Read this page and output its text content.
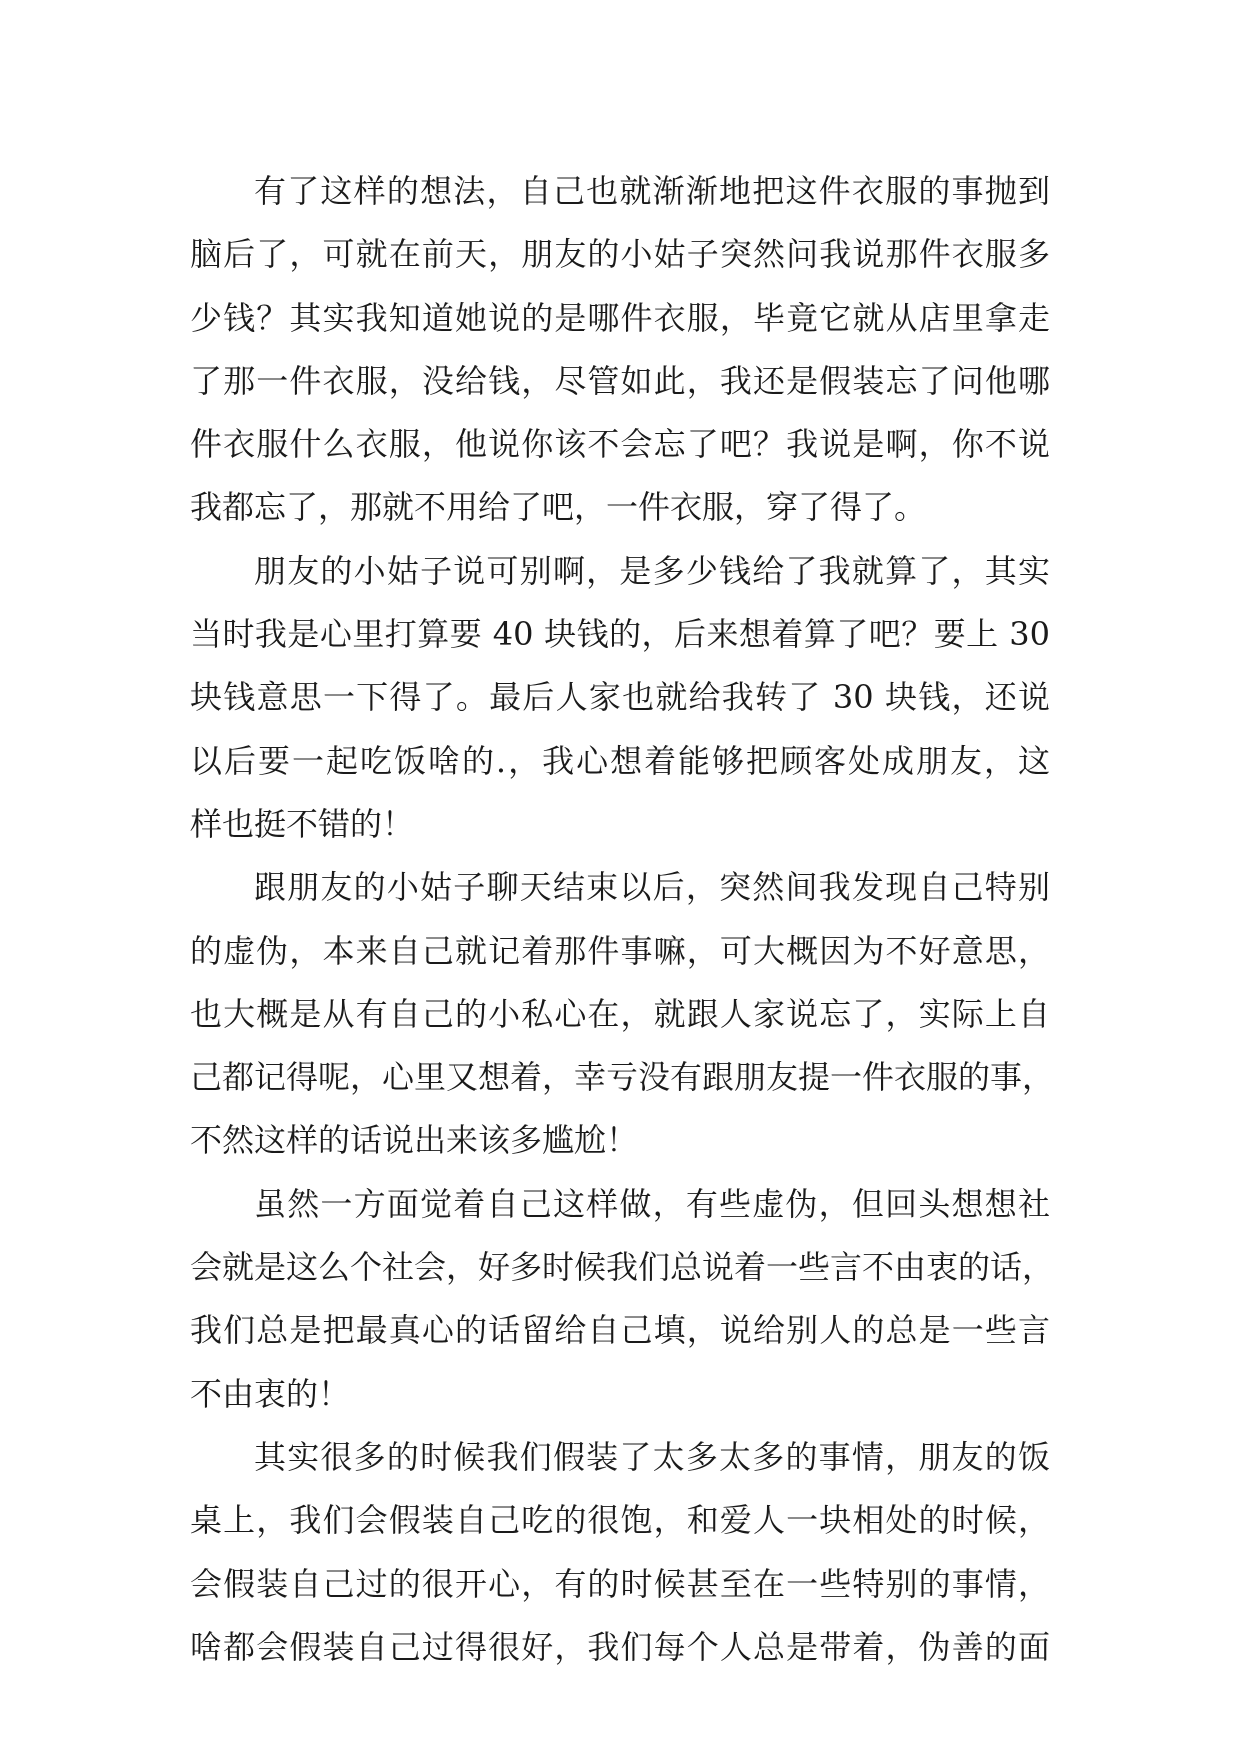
有了这样的想法，自己也就渐渐地把这件衣服的事抛到
脑后了，可就在前天，朋友的小姑子突然问我说那件衣服多
少钱？其实我知道她说的是哪件衣服，毕竟它就从店里拿走
了那一件衣服，没给钱，尽管如此，我还是假装忘了问他哪
件衣服什么衣服，他说你该不会忘了吧？我说是啊，你不说
我都忘了，那就不用给了吧，一件衣服，穿了得了。
朋友的小姑子说可别啊，是多少钱给了我就算了，其实
当时我是心里打算要 40 块钱的，后来想着算了吧？要上 30
块钱意思一下得了。最后人家也就给我转了 30 块钱，还说
以后要一起吃饭啥的.，我心想着能够把顾客处成朋友，这
样也挺不错的！
跟朋友的小姑子聊天结束以后，突然间我发现自己特别
的虚伪，本来自己就记着那件事嘛，可大概因为不好意思，
也大概是从有自己的小私心在，就跟人家说忘了，实际上自
己都记得呢，心里又想着，幸亏没有跟朋友提一件衣服的事，
不然这样的话说出来该多尴尬！
虽然一方面觉着自己这样做，有些虚伪，但回头想想社
会就是这么个社会，好多时候我们总说着一些言不由衷的话，
我们总是把最真心的话留给自己填，说给别人的总是一些言
不由衷的！
其实很多的时候我们假装了太多太多的事情，朋友的饭
桌上，我们会假装自己吃的很饱，和爱人一块相处的时候，
会假装自己过的很开心，有的时候甚至在一些特别的事情，
啥都会假装自己过得很好，我们每个人总是带着，伪善的面
